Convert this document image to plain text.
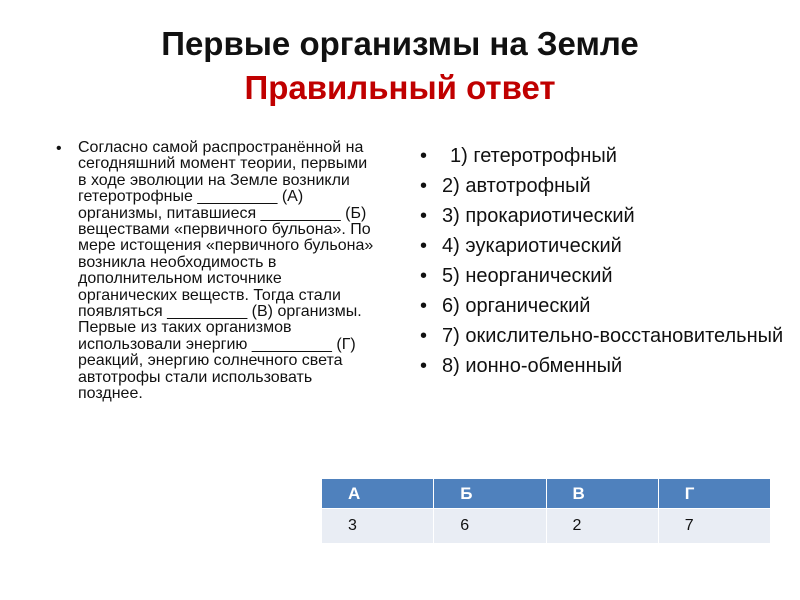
Первые организмы на Земле
Правильный ответ
• Согласно самой распространённой на сегодняшний момент теории, первыми в ходе эволюции на Земле возникли гетеротрофные _________ (А) организмы, питавшиеся _________ (Б) веществами «первичного бульона». По мере истощения «первичного бульона» возникла необходимость в дополнительном источнике органических веществ. Тогда стали появляться _________ (В) организмы. Первые из таких организмов использовали энергию _________ (Г) реакций, энергию солнечного света автотрофы стали использовать позднее.
• 1) гетеротрофный
• 2) автотрофный
• 3) прокариотический
• 4) эукариотический
• 5) неорганический
• 6) органический
• 7) окислительно-восстановительный
• 8) ионно-обменный
А	Б	В	Г
3	6	2	7
